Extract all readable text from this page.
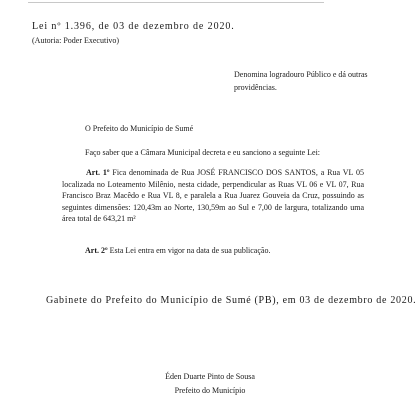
Lei nº 1.396, de 03 de dezembro de 2020.
(Autoria: Poder Executivo)
Denomina logradouro Público e dá outras
providências.
O Prefeito do Município de Sumé
Faço saber que a Câmara Municipal decreta e eu sanciono a seguinte Lei:
Art. 1º Fica denominada de Rua JOSÉ FRANCISCO DOS SANTOS, a Rua VL 05
localizada no Loteamento Milênio, nesta cidade, perpendicular as Ruas VL 06 e VL 07, Rua
Francisco Braz Macêdo e Rua VL 8, e paralela a Rua Juarez Gouveia da Cruz, possuindo as
seguintes dimensões: 120,43m ao Norte, 130,59m ao Sul e 7,00 de largura, totalizando uma
área total de 643,21 m²
Art. 2º Esta Lei entra em vigor na data de sua publicação.
Gabinete do Prefeito do Município de Sumé (PB), em 03 de dezembro de 2020.
Éden Duarte Pinto de Sousa
Prefeito do Município
